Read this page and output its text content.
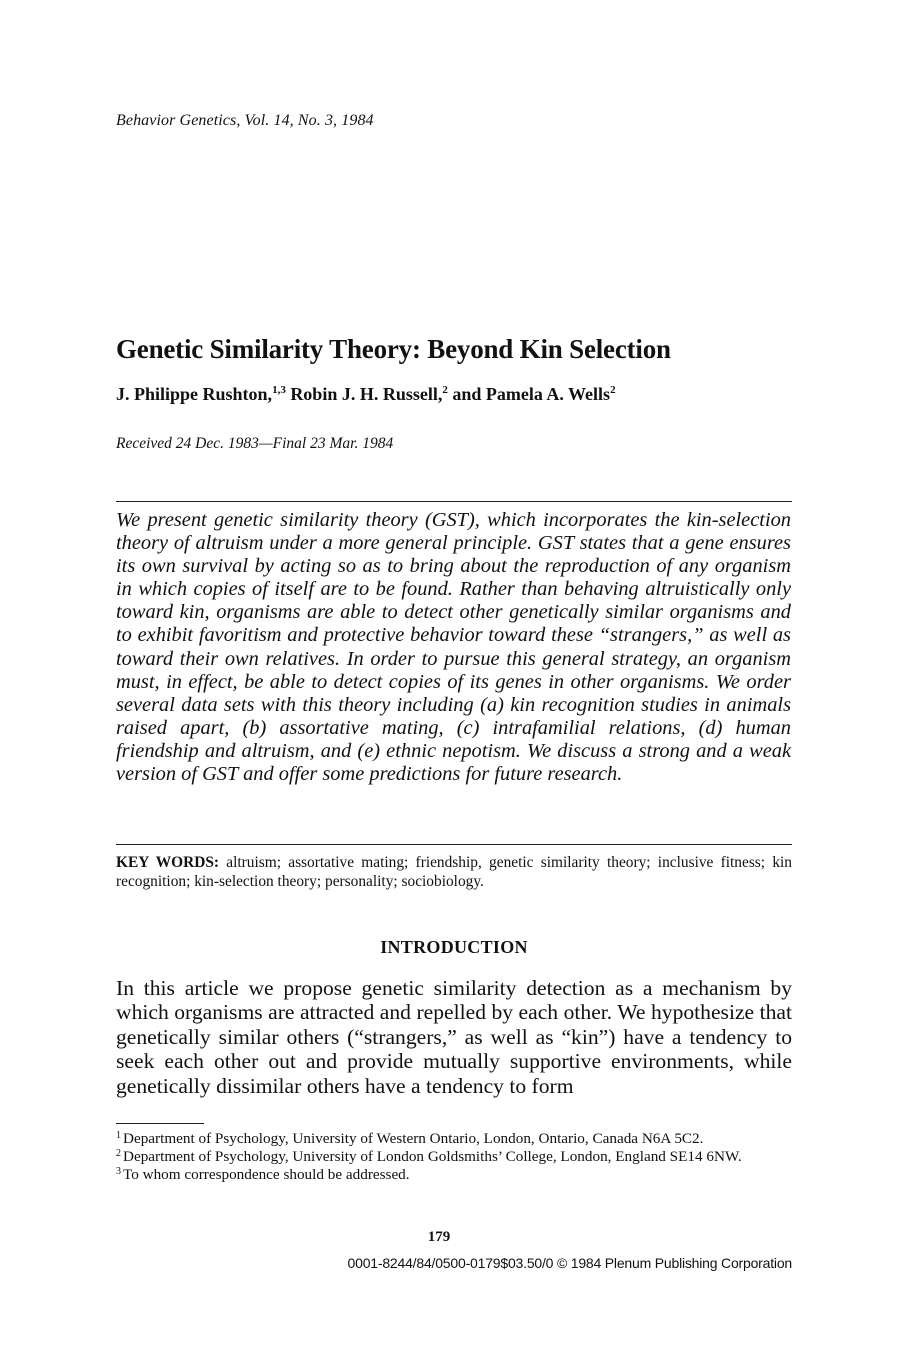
Behavior Genetics, Vol. 14, No. 3, 1984
Genetic Similarity Theory: Beyond Kin Selection
J. Philippe Rushton,$^{1,3}$ Robin J. H. Russell,$^2$ and Pamela A. Wells$^2$
Received 24 Dec. 1983—Final 23 Mar. 1984

We present genetic similarity theory (GST), which incorporates the kin-selection theory of altruism under a more general principle. GST states that a gene ensures its own survival by acting so as to bring about the reproduction of any organism in which copies of itself are to be found. Rather than behaving altruistically only toward kin, organisms are able to detect other genetically similar organisms and to exhibit favoritism and protective behavior toward these “strangers,” as well as toward their own relatives. In order to pursue this general strategy, an organism must, in effect, be able to detect copies of its genes in other organisms. We order several data sets with this theory including (a) kin recognition studies in animals raised apart, (b) assortative mating, (c) intrafamilial relations, (d) human friendship and altruism, and (e) ethnic nepotism. We discuss a strong and a weak version of GST and offer some predictions for future research.

KEY WORDS: altruism; assortative mating; friendship, genetic similarity theory; inclusive fitness; kin recognition; kin-selection theory; personality; sociobiology.

INTRODUCTION

In this article we propose genetic similarity detection as a mechanism by which organisms are attracted and repelled by each other. We hypothesize that genetically similar others (“strangers,” as well as “kin”) have a tendency to seek each other out and provide mutually supportive environments, while genetically dissimilar others have a tendency to form

$^1$ Department of Psychology, University of Western Ontario, London, Ontario, Canada N6A 5C2.
$^2$ Department of Psychology, University of London Goldsmiths’ College, London, England SE14 6NW.
$^3$ To whom correspondence should be addressed.
179
0001-8244/84/0500-0179$03.50/0 © 1984 Plenum Publishing Corporation
